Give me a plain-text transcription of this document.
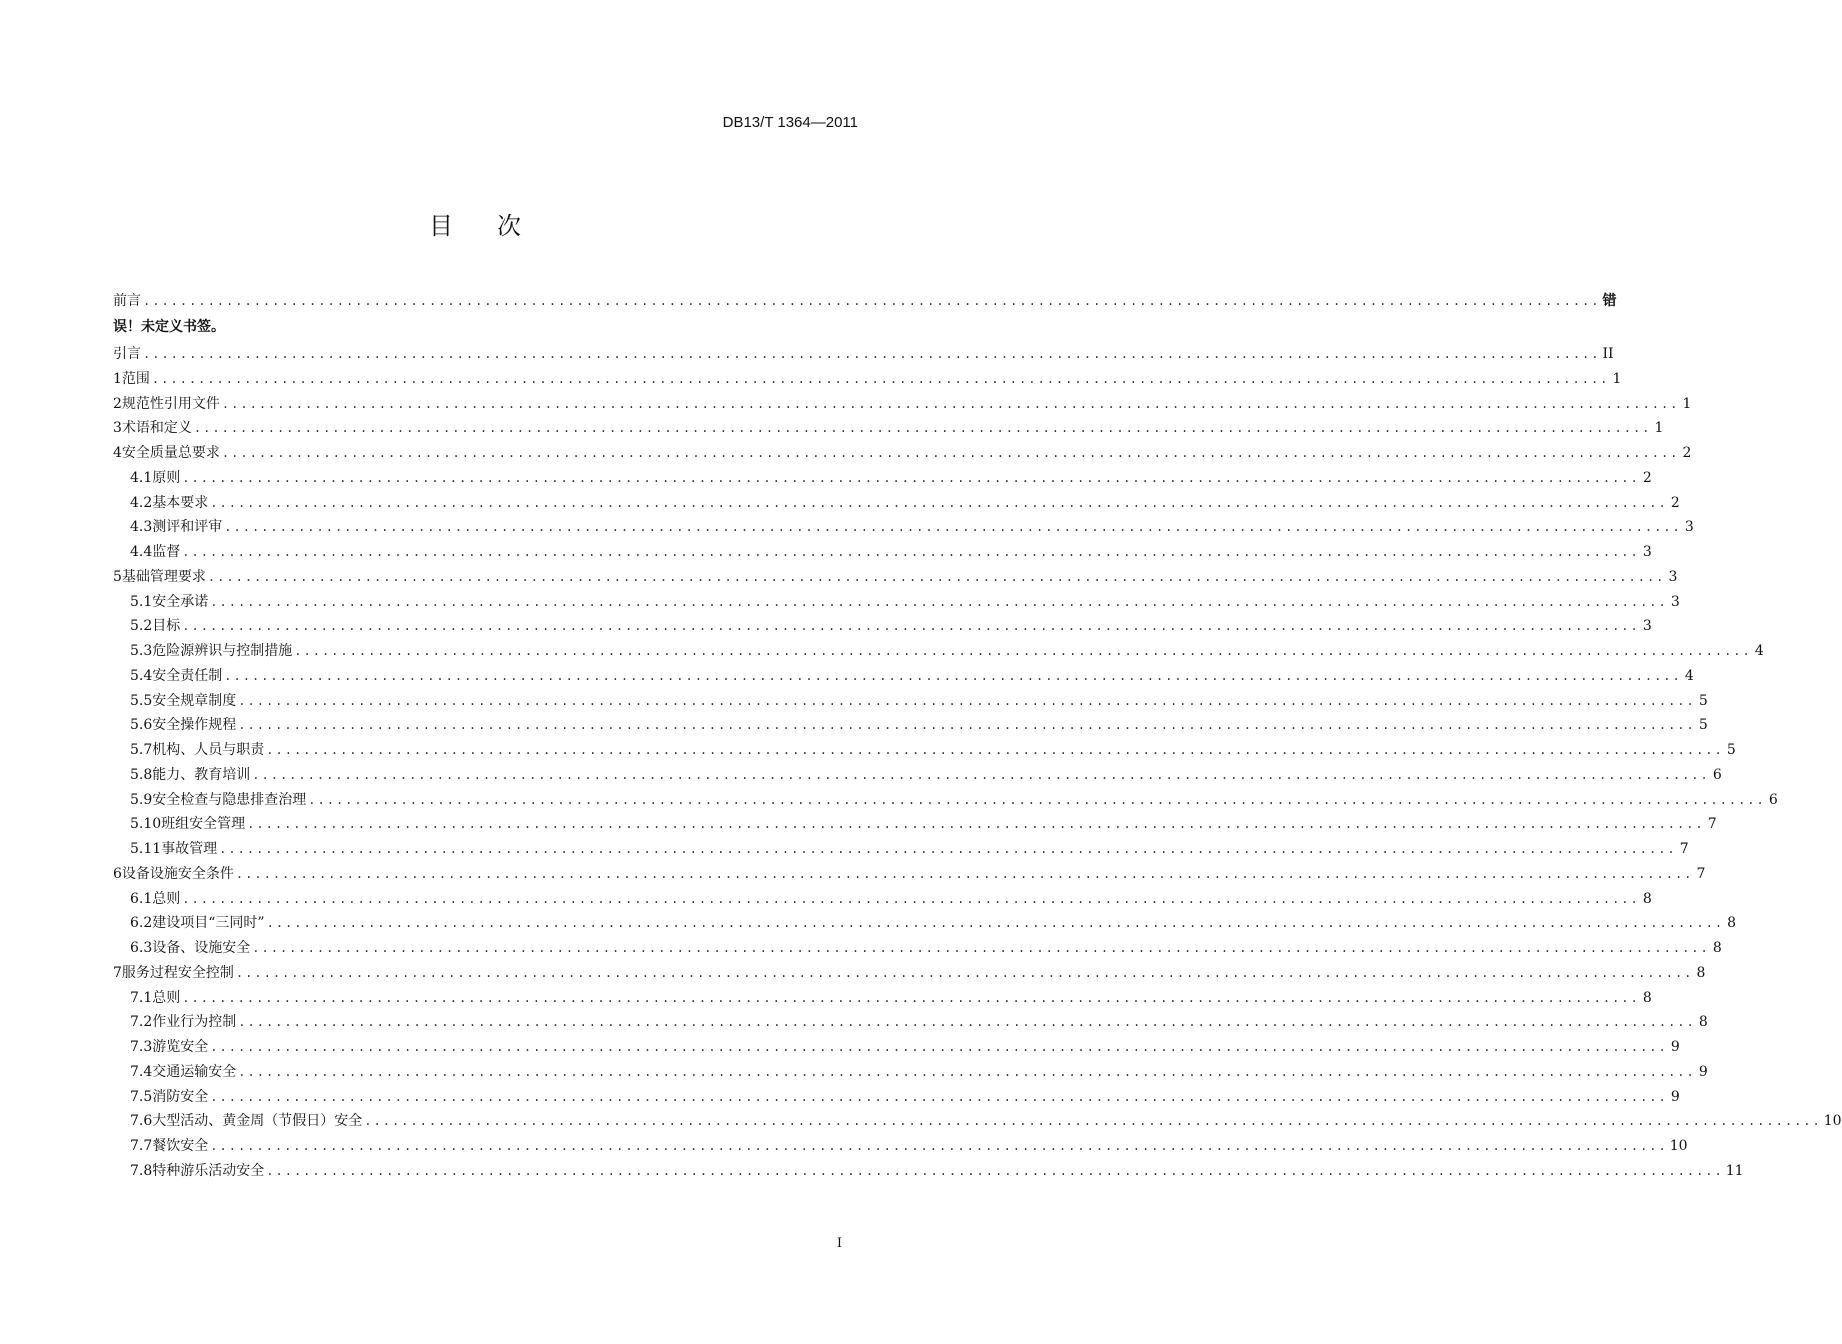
DB13/T 1364—2011
目次
前言 .............................................................................................................................................................. 错
误！未定义书签。
引言 .............................................................................................................................................................. II
1 范围 .............................................................................................................................................................. 1
2 规范性引用文件 .............................................................................................................................................................. 1
3 术语和定义 .............................................................................................................................................................. 1
4 安全质量总要求 .............................................................................................................................................................. 2
4.1 原则 .............................................................................................................................................................. 2
4.2 基本要求 .............................................................................................................................................................. 2
4.3 测评和评审 .............................................................................................................................................................. 3
4.4 监督 .............................................................................................................................................................. 3
5 基础管理要求 .............................................................................................................................................................. 3
5.1 安全承诺 .............................................................................................................................................................. 3
5.2 目标 .............................................................................................................................................................. 3
5.3 危险源辨识与控制措施 .............................................................................................................................................................. 4
5.4 安全责任制 .............................................................................................................................................................. 4
5.5 安全规章制度 .............................................................................................................................................................. 5
5.6 安全操作规程 .............................................................................................................................................................. 5
5.7 机构、人员与职责 .............................................................................................................................................................. 5
5.8 能力、教育培训 .............................................................................................................................................................. 6
5.9 安全检查与隐患排查治理 .............................................................................................................................................................. 6
5.10 班组安全管理 .............................................................................................................................................................. 7
5.11 事故管理 .............................................................................................................................................................. 7
6 设备设施安全条件 .............................................................................................................................................................. 7
6.1 总则 .............................................................................................................................................................. 8
6.2 建设项目“三同时” .............................................................................................................................................................. 8
6.3 设备、设施安全 .............................................................................................................................................................. 8
7 服务过程安全控制 .............................................................................................................................................................. 8
7.1 总则 .............................................................................................................................................................. 8
7.2 作业行为控制 .............................................................................................................................................................. 8
7.3 游览安全 .............................................................................................................................................................. 9
7.4 交通运输安全 .............................................................................................................................................................. 9
7.5 消防安全 .............................................................................................................................................................. 9
7.6 大型活动、黄金周（节假日）安全 .............................................................................................................................................................. 10
7.7 餐饮安全 .............................................................................................................................................................. 10
7.8 特种游乐活动安全 .............................................................................................................................................................. 11
I
